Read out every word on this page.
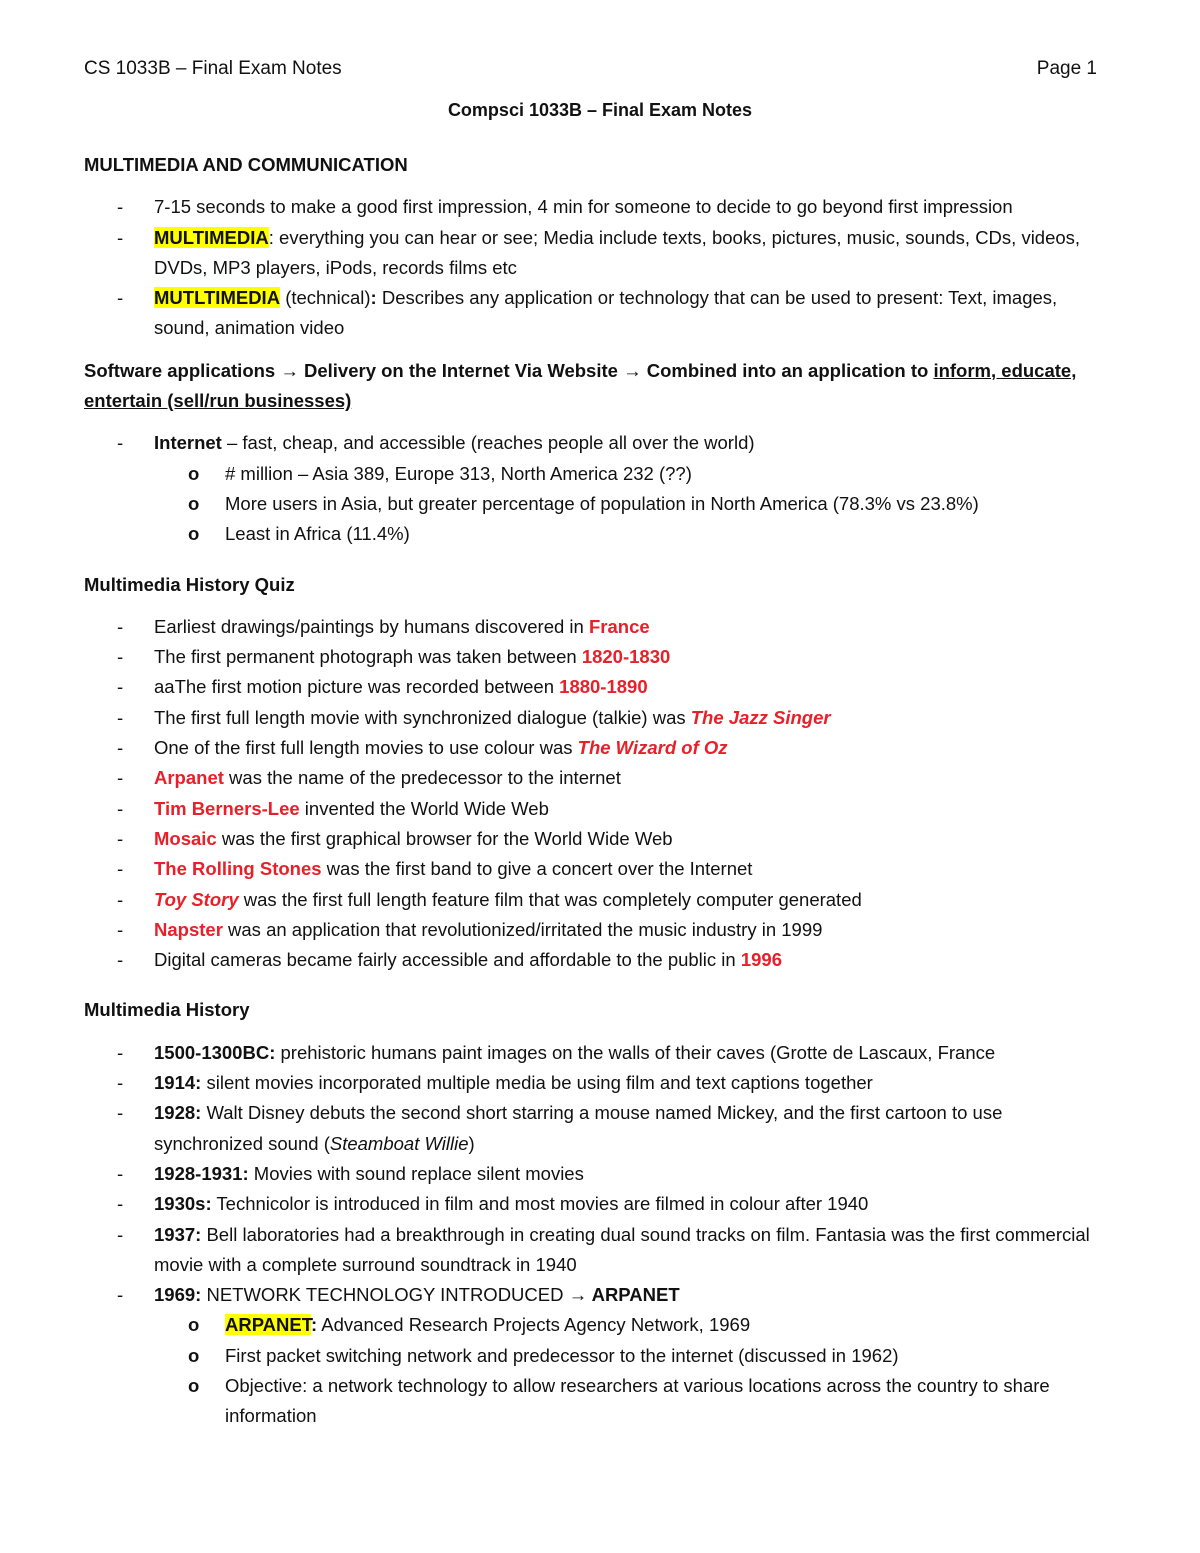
CS 1033B – Final Exam Notes	Page 1
Compsci 1033B – Final Exam Notes

MULTIMEDIA AND COMMUNICATION

- 7-15 seconds to make a good first impression, 4 min for someone to decide to go beyond first impression
- MULTIMEDIA: everything you can hear or see; Media include texts, books, pictures, music, sounds, CDs, videos, DVDs, MP3 players, iPods, records films etc
- MUTLTIMEDIA (technical): Describes any application or technology that can be used to present: Text, images, sound, animation video

Software applications → Delivery on the Internet Via Website → Combined into an application to inform, educate, entertain (sell/run businesses)

- Internet – fast, cheap, and accessible (reaches people all over the world)
o # million – Asia 389, Europe 313, North America 232 (??)
o More users in Asia, but greater percentage of population in North America (78.3% vs 23.8%)
o Least in Africa (11.4%)

Multimedia History Quiz

- Earliest drawings/paintings by humans discovered in France
- The first permanent photograph was taken between 1820-1830
- aaThe first motion picture was recorded between 1880-1890
- The first full length movie with synchronized dialogue (talkie) was The Jazz Singer
- One of the first full length movies to use colour was The Wizard of Oz
- Arpanet was the name of the predecessor to the internet
- Tim Berners-Lee invented the World Wide Web
- Mosaic was the first graphical browser for the World Wide Web
- The Rolling Stones was the first band to give a concert over the Internet
- Toy Story was the first full length feature film that was completely computer generated
- Napster was an application that revolutionized/irritated the music industry in 1999
- Digital cameras became fairly accessible and affordable to the public in 1996

Multimedia History

- 1500-1300BC: prehistoric humans paint images on the walls of their caves (Grotte de Lascaux, France
- 1914: silent movies incorporated multiple media be using film and text captions together
- 1928: Walt Disney debuts the second short starring a mouse named Mickey, and the first cartoon to use synchronized sound (Steamboat Willie)
- 1928-1931: Movies with sound replace silent movies
- 1930s: Technicolor is introduced in film and most movies are filmed in colour after 1940
- 1937: Bell laboratories had a breakthrough in creating dual sound tracks on film. Fantasia was the first commercial movie with a complete surround soundtrack in 1940
- 1969: NETWORK TECHNOLOGY INTRODUCED → ARPANET
o ARPANET: Advanced Research Projects Agency Network, 1969
o First packet switching network and predecessor to the internet (discussed in 1962)
o Objective: a network technology to allow researchers at various locations across the country to share information
